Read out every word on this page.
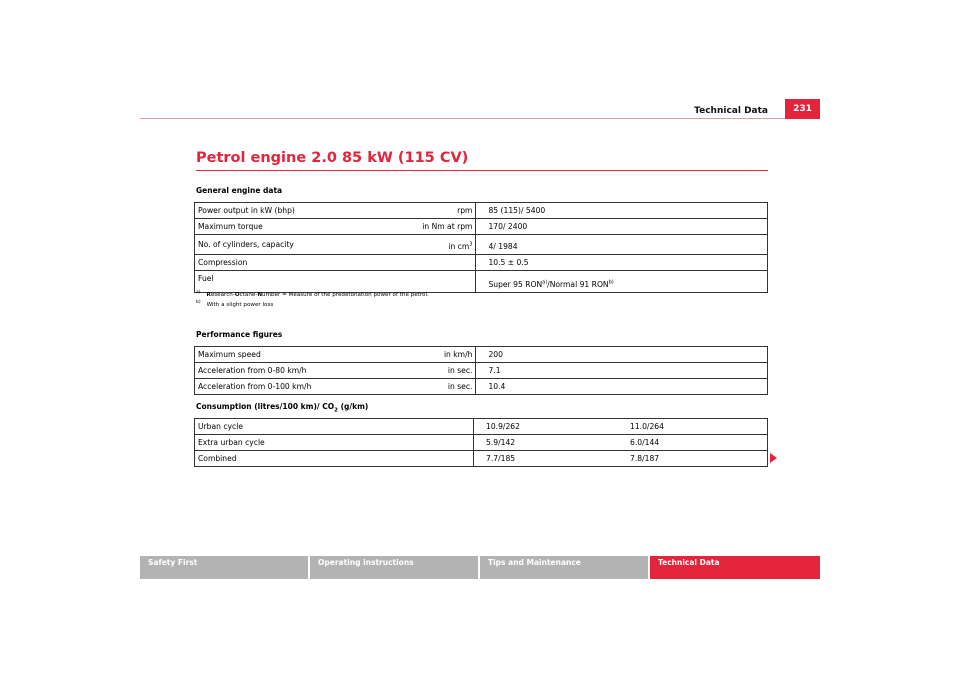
Technical Data	231
Petrol engine 2.0 85 kW (115 CV)
General engine data
Power output in kW (bhp) rpm	85 (115)/ 5400

Maximum torque in Nm at rpm	170/ 2400

No. of cylinders, capacity in $cm^3$	4/ 1984

Compression	10.5 ± 0.5

Fuel	Super 95 RON$^{a)}$/Normal 91 RON$^{b)}$
$^{a)}$ Research-Octane-Number = Measure of the predetonation power of the petrol.
$^{b)}$ With a slight power loss
Performance figures
Maximum speed in km/h	200

Acceleration from 0-80 km/h in sec.	7.1

Acceleration from 0-100 km/h in sec.	10.4
Consumption (litres/100 km)/ $CO_2$ (g/km)
Urban cycle	10.9/262	11.0/264

Extra urban cycle	5.9/142	6.0/144

Combined	7.7/185	7.8/187
Safety First	Operating instructions	Tips and Maintenance	Technical Data
